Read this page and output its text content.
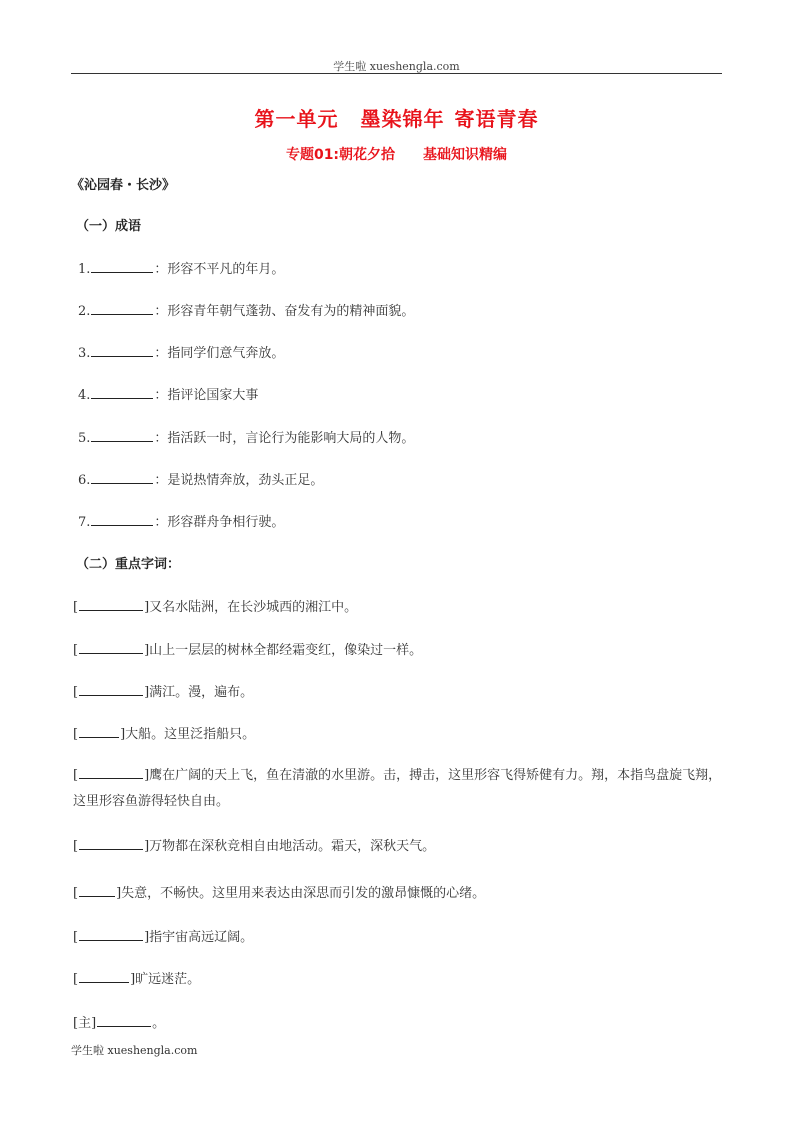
学生啦 xueshengla.com
第一单元 墨染锦年 寄语青春
专题01:朝花夕拾 基础知识精编
《沁园春・长沙》
（一）成语
1.	：形容不平凡的年月。
2.	：形容青年朝气蓬勃、奋发有为的精神面貌。
3.	：指同学们意气奔放。
4.	：指评论国家大事
5.	：指活跃一时，言论行为能影响大局的人物。
6.	：是说热情奔放，劲头正足。
7.	：形容群舟争相行驶。
（二）重点字词：
[	]又名水陆洲，在长沙城西的湘江中。
[	]山上一层层的树林全都经霜变红，像染过一样。
[	]满江。漫，遍布。
[	]大船。这里泛指船只。
[	]鹰在广阔的天上飞，鱼在清澈的水里游。击，搏击，这里形容飞得矫健有力。翔，本指鸟盘旋飞翔，这里形容鱼游得轻快自由。
[	]万物都在深秋竞相自由地活动。霜天，深秋天气。
[	]失意，不畅快。这里用来表达由深思而引发的激昂慷慨的心绪。
[	]指宇宙高远辽阔。
[	]旷远迷茫。
[主]	。
学生啦 xueshengla.com
